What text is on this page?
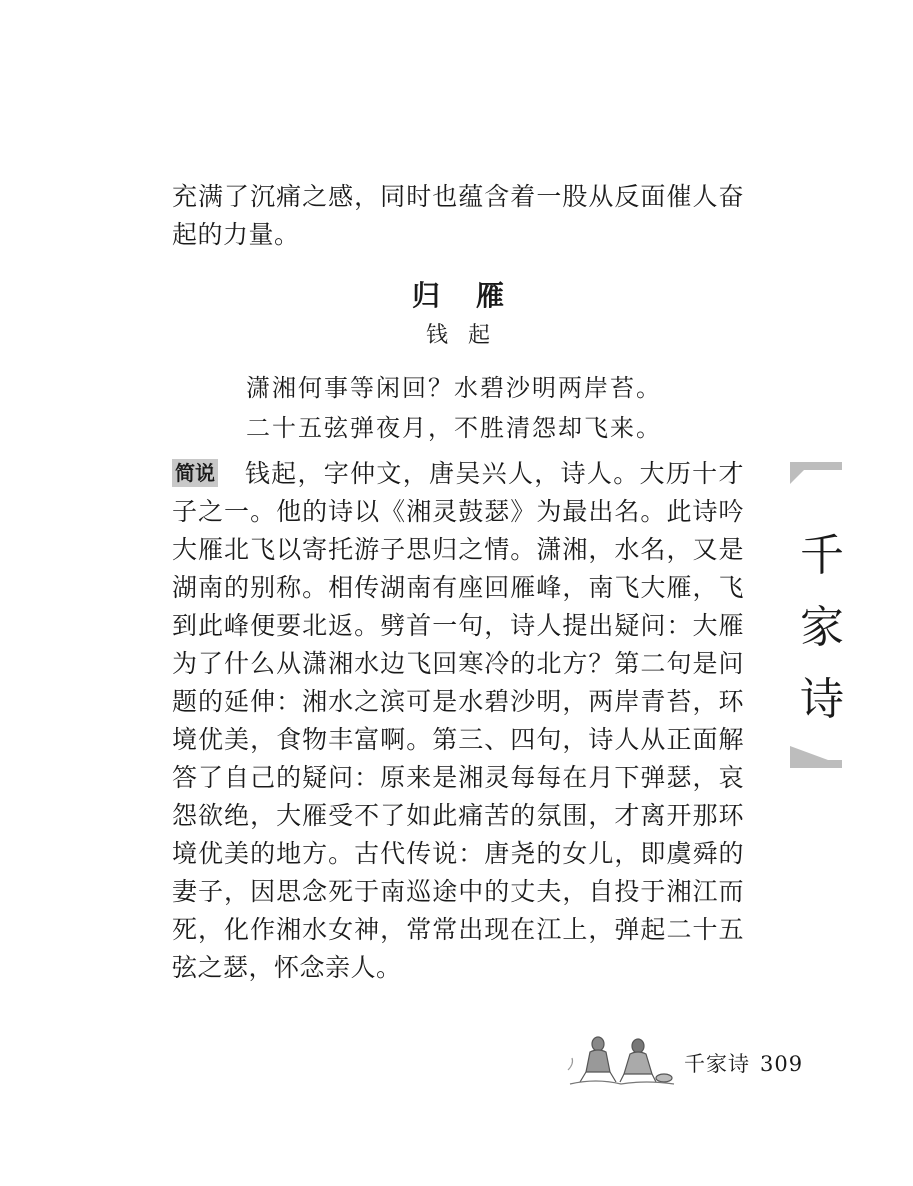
充满了沉痛之感，同时也蕴含着一股从反面催人奋起的力量。
归雁
钱起
潇湘何事等闲回？水碧沙明两岸苔。
二十五弦弹夜月，不胜清怨却飞来。
简说 钱起，字仲文，唐吴兴人，诗人。大历十才子之一。他的诗以《湘灵鼓瑟》为最出名。此诗吟大雁北飞以寄托游子思归之情。潇湘，水名，又是湖南的别称。相传湖南有座回雁峰，南飞大雁，飞到此峰便要北返。劈首一句，诗人提出疑问：大雁为了什么从潇湘水边飞回寒冷的北方？第二句是问题的延伸：湘水之滨可是水碧沙明，两岸青苔，环境优美，食物丰富啊。第三、四句，诗人从正面解答了自己的疑问：原来是湘灵每每在月下弹瑟，哀怨欲绝，大雁受不了如此痛苦的氛围，才离开那环境优美的地方。古代传说：唐尧的女儿，即虞舜的妻子，因思念死于南巡途中的丈夫，自投于湘江而死，化作湘水女神，常常出现在江上，弹起二十五弦之瑟，怀念亲人。
千
家
诗
千家诗 309
